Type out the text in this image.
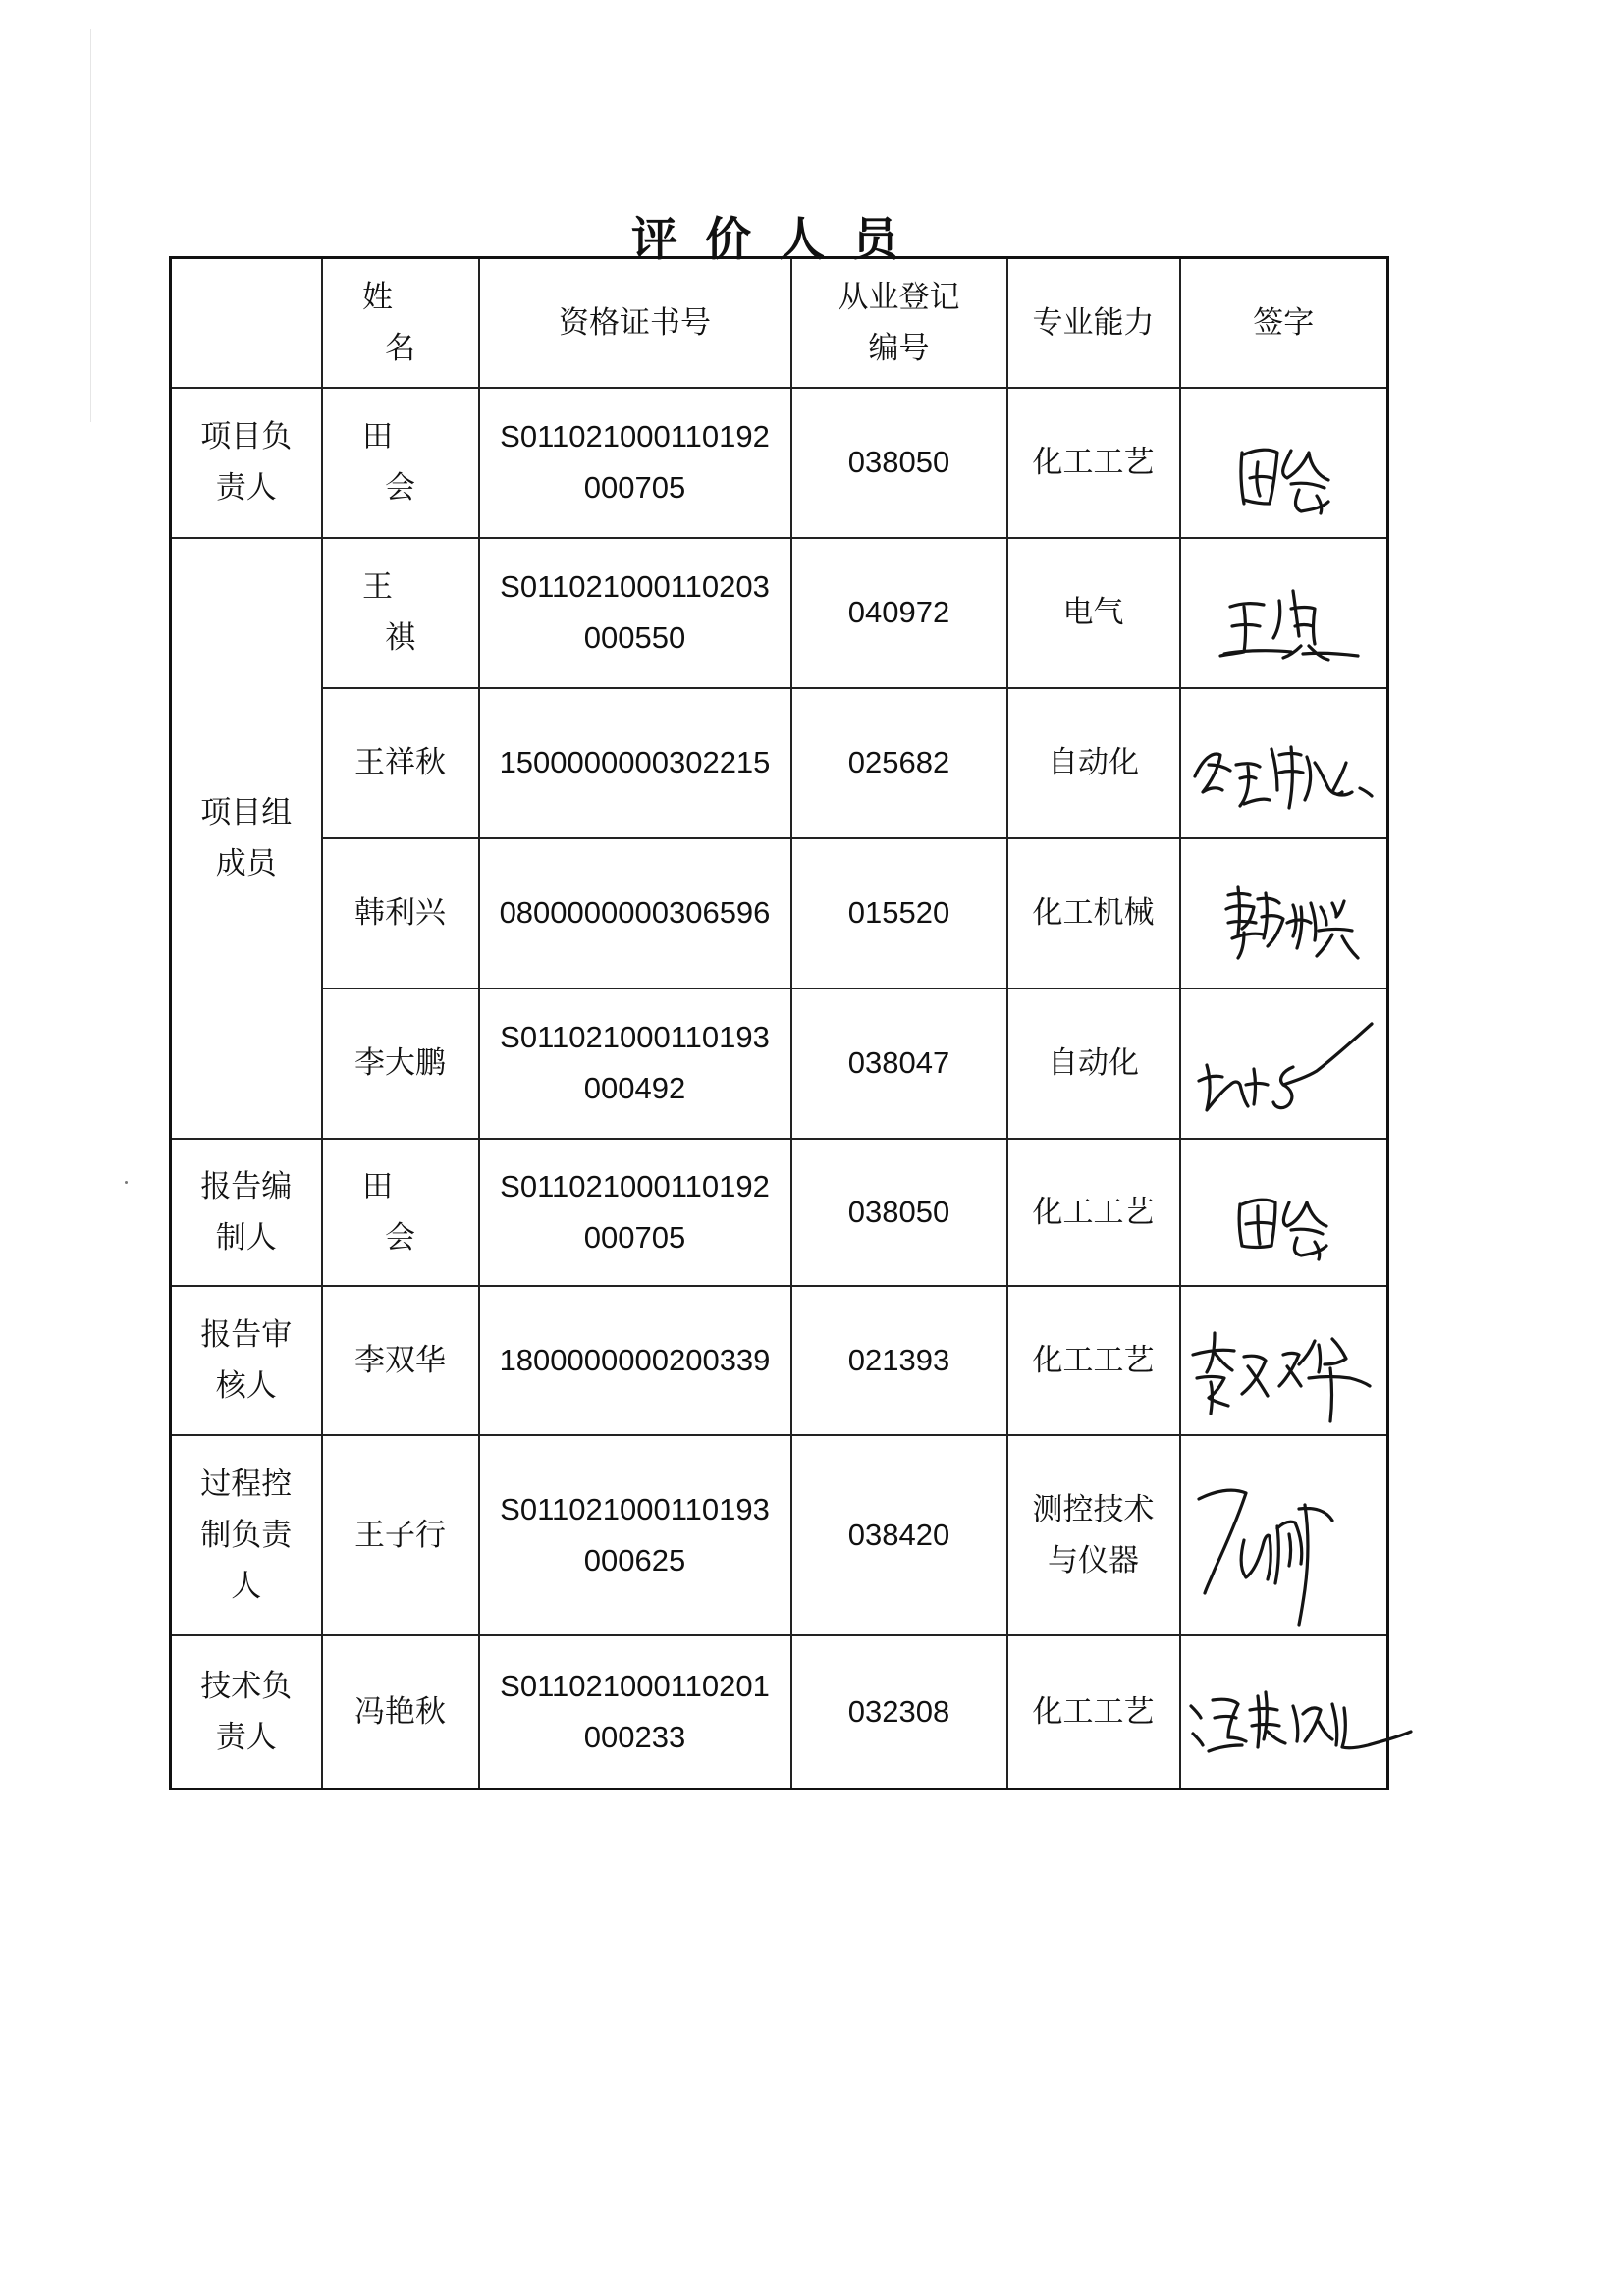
评价人员
	姓 名	资格证书号	从业登记编号	专业能力	签字

项目负责人	田会	S011021000110192000705	038050	化工工艺	

项目组成员	王祺	S011021000110203000550	040972	电气	

	王祥秋	1500000000302215	025682	自动化	

	韩利兴	0800000000306596	015520	化工机械	

	李大鹏	S011021000110193000492	038047	自动化	

报告编制人	田会	S011021000110192000705	038050	化工工艺	

报告审核人	李双华	1800000000200339	021393	化工工艺	

过程控制负责人	王子行	S011021000110193000625	038420	测控技术与仪器

技术负责人	冯艳秋	S011021000110201000233	032308	化工工艺	
